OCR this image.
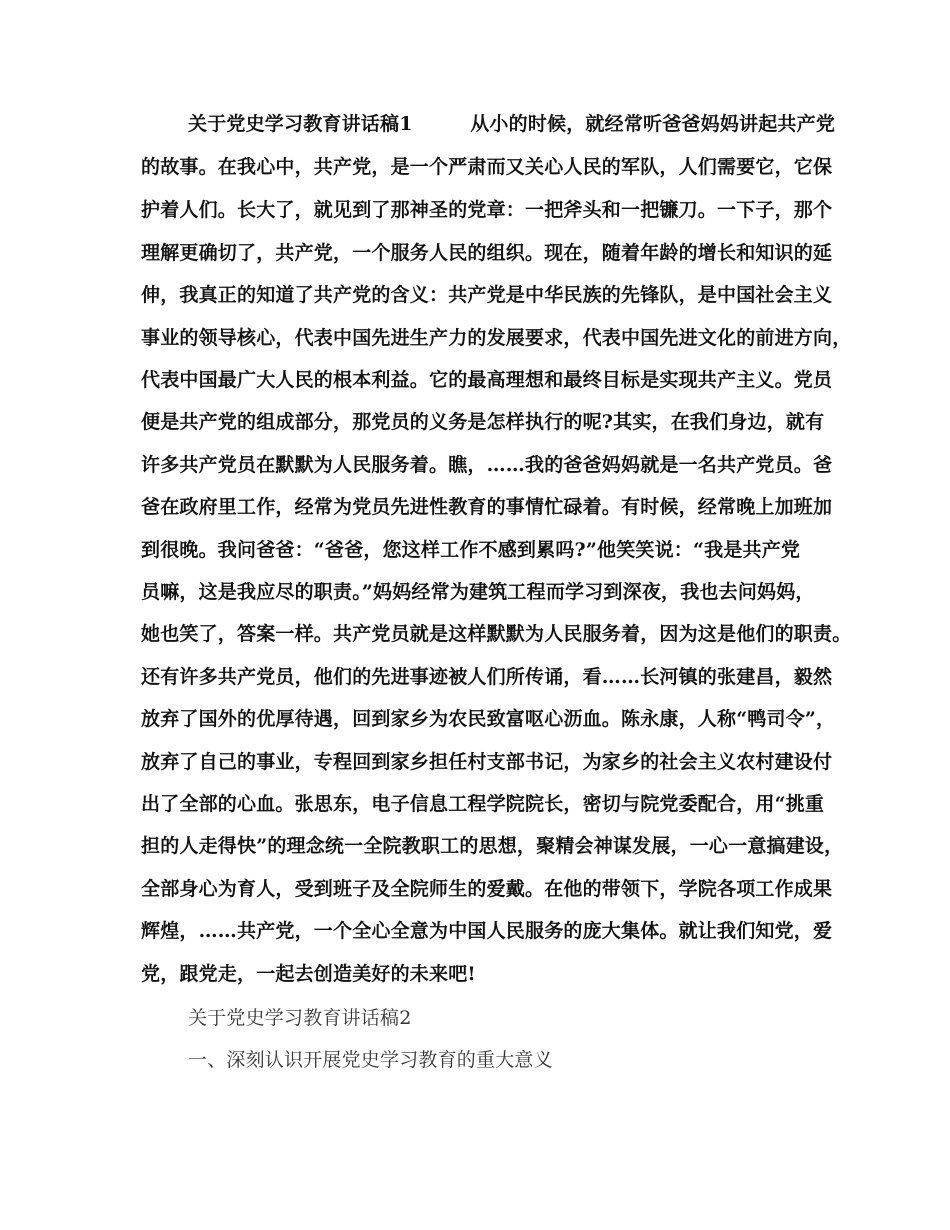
关于党史学习教育讲话稿1　　　从小的时候，就经常听爸爸妈妈讲起共产党
的故事。在我心中，共产党，是一个严肃而又关心人民的军队，人们需要它，它保
护着人们。长大了，就见到了那神圣的党章：一把斧头和一把镰刀。一下子，那个
理解更确切了，共产党，一个服务人民的组织。现在，随着年龄的增长和知识的延
伸，我真正的知道了共产党的含义：共产党是中华民族的先锋队，是中国社会主义
事业的领导核心，代表中国先进生产力的发展要求，代表中国先进文化的前进方向，
代表中国最广大人民的根本利益。它的最高理想和最终目标是实现共产主义。党员
便是共产党的组成部分，那党员的义务是怎样执行的呢?其实，在我们身边，就有
许多共产党员在默默为人民服务着。瞧，……我的爸爸妈妈就是一名共产党员。爸
爸在政府里工作，经常为党员先进性教育的事情忙碌着。有时候，经常晚上加班加
到很晚。我问爸爸：“爸爸，您这样工作不感到累吗?”他笑笑说：“我是共产党
员嘛，这是我应尽的职责。”妈妈经常为建筑工程而学习到深夜，我也去问妈妈，
她也笑了，答案一样。共产党员就是这样默默为人民服务着，因为这是他们的职责。
还有许多共产党员，他们的先进事迹被人们所传诵，看……长河镇的张建昌，毅然
放弃了国外的优厚待遇，回到家乡为农民致富呕心沥血。陈永康，人称“鸭司令”，
放弃了自己的事业，专程回到家乡担任村支部书记，为家乡的社会主义农村建设付
出了全部的心血。张思东，电子信息工程学院院长，密切与院党委配合，用“挑重
担的人走得快”的理念统一全院教职工的思想，聚精会神谋发展，一心一意搞建设，
全部身心为育人，受到班子及全院师生的爱戴。在他的带领下，学院各项工作成果
辉煌，……共产党，一个全心全意为中国人民服务的庞大集体。就让我们知党，爱
党，跟党走，一起去创造美好的未来吧!
关于党史学习教育讲话稿2
一、深刻认识开展党史学习教育的重大意义
